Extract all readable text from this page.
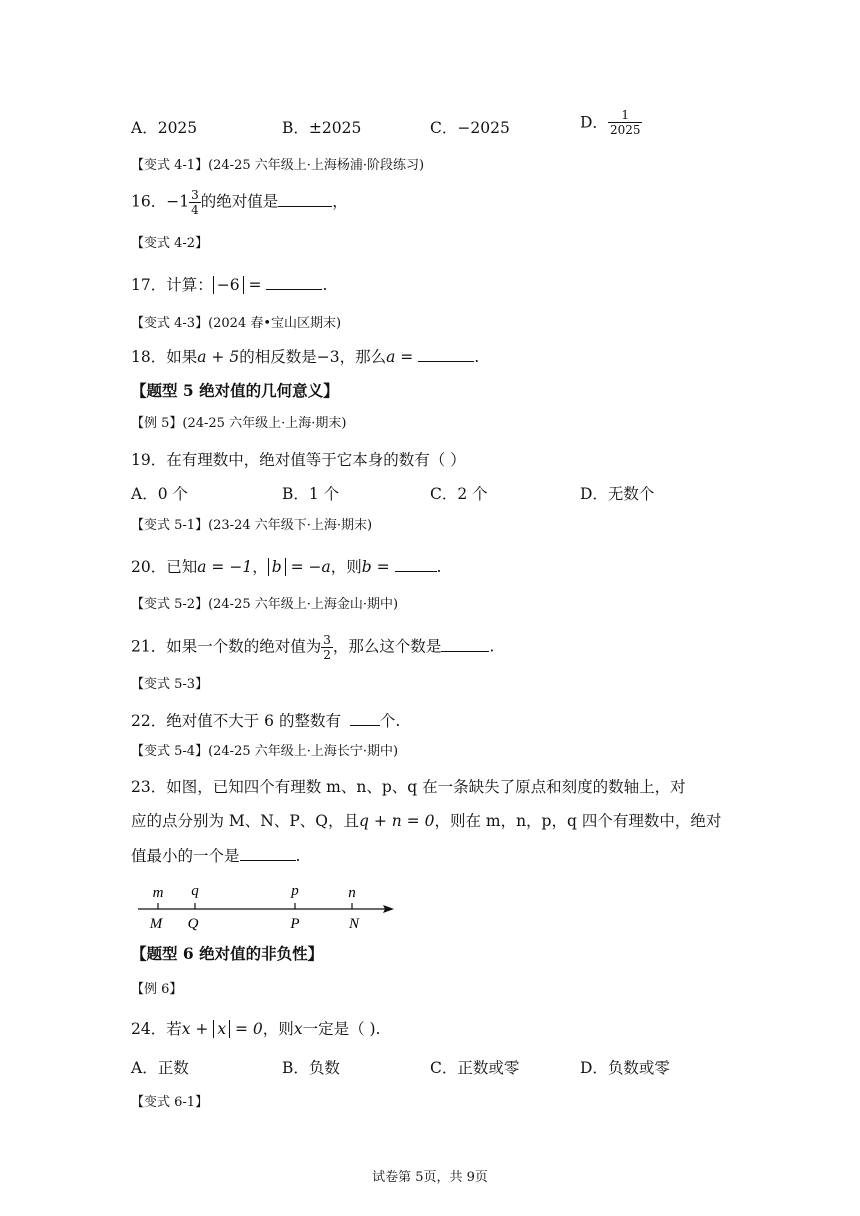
A．2025	B．±2025	C．−2025	D． $\frac{1}{2025}$
【变式 4-1】(24-25 六年级上·上海杨浦·阶段练习)
16．$-1 \frac{3}{4}$ 的绝对值是	，
【变式 4-2】
17．计算： −6 =	.
【变式 4-3】(2024 春•宝山区期末)
18．如果a + 5的相反数是−3，那么a =	.
【题型 5 绝对值的几何意义】
【例 5】(24-25 六年级上·上海·期末)
19．在有理数中，绝对值等于它本身的数有（ ）
A．0 个	B．1 个	C．2 个	D．无数个
【变式 5-1】(23-24 六年级下·上海·期末)
20．已知a = −1， b = −a，则b =	.
【变式 5-2】(24-25 六年级上·上海金山·期中)
21．如果一个数的绝对值为 $\frac{3}{2}$ ，那么这个数是	.
【变式 5-3】
22．绝对值不大于 6 的整数有 个.
【变式 5-4】(24-25 六年级上·上海长宁·期中)
23．如图，已知四个有理数 m、n、p、q 在一条缺失了原点和刻度的数轴上，对
应的点分别为 M、N、P、Q，且q + n = 0，则在 m，n，p，q 四个有理数中，绝对
值最小的一个是	.
m q	p	n
M Q	P	N
【题型 6 绝对值的非负性】
【例 6】
24．若x + x = 0，则x一定是（ ).
A．正数	B．负数	C．正数或零	D．负数或零
【变式 6-1】
试卷第 5页，共 9页
